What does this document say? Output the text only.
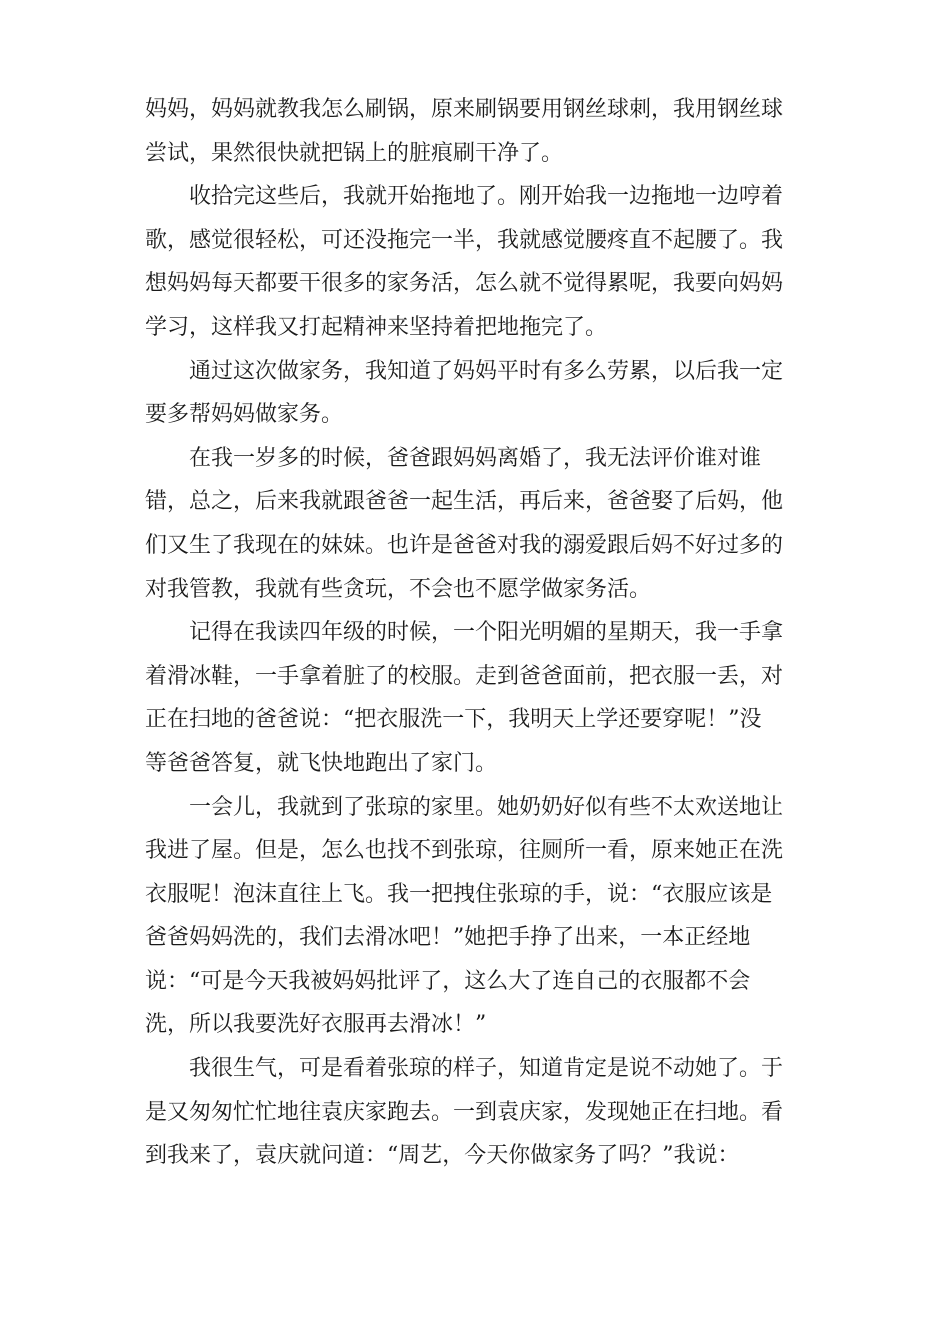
妈妈，妈妈就教我怎么刷锅，原来刷锅要用钢丝球刺，我用钢丝球
尝试，果然很快就把锅上的脏痕刷干净了。
收拾完这些后，我就开始拖地了。刚开始我一边拖地一边哼着
歌，感觉很轻松，可还没拖完一半，我就感觉腰疼直不起腰了。我
想妈妈每天都要干很多的家务活，怎么就不觉得累呢，我要向妈妈
学习，这样我又打起精神来坚持着把地拖完了。
通过这次做家务，我知道了妈妈平时有多么劳累，以后我一定
要多帮妈妈做家务。
在我一岁多的时候，爸爸跟妈妈离婚了，我无法评价谁对谁
错，总之，后来我就跟爸爸一起生活，再后来，爸爸娶了后妈，他
们又生了我现在的妹妹。也许是爸爸对我的溺爱跟后妈不好过多的
对我管教，我就有些贪玩，不会也不愿学做家务活。
记得在我读四年级的时候，一个阳光明媚的星期天，我一手拿
着滑冰鞋，一手拿着脏了的校服。走到爸爸面前，把衣服一丢，对
正在扫地的爸爸说：“把衣服洗一下，我明天上学还要穿呢！”没
等爸爸答复，就飞快地跑出了家门。
一会儿，我就到了张琼的家里。她奶奶好似有些不太欢送地让
我进了屋。但是，怎么也找不到张琼，往厕所一看，原来她正在洗
衣服呢！泡沫直往上飞。我一把拽住张琼的手，说：“衣服应该是
爸爸妈妈洗的，我们去滑冰吧！”她把手挣了出来，一本正经地
说：“可是今天我被妈妈批评了，这么大了连自己的衣服都不会
洗，所以我要洗好衣服再去滑冰！”
我很生气，可是看着张琼的样子，知道肯定是说不动她了。于
是又匆匆忙忙地往袁庆家跑去。一到袁庆家，发现她正在扫地。看
到我来了，袁庆就问道：“周艺，今天你做家务了吗？”我说：
